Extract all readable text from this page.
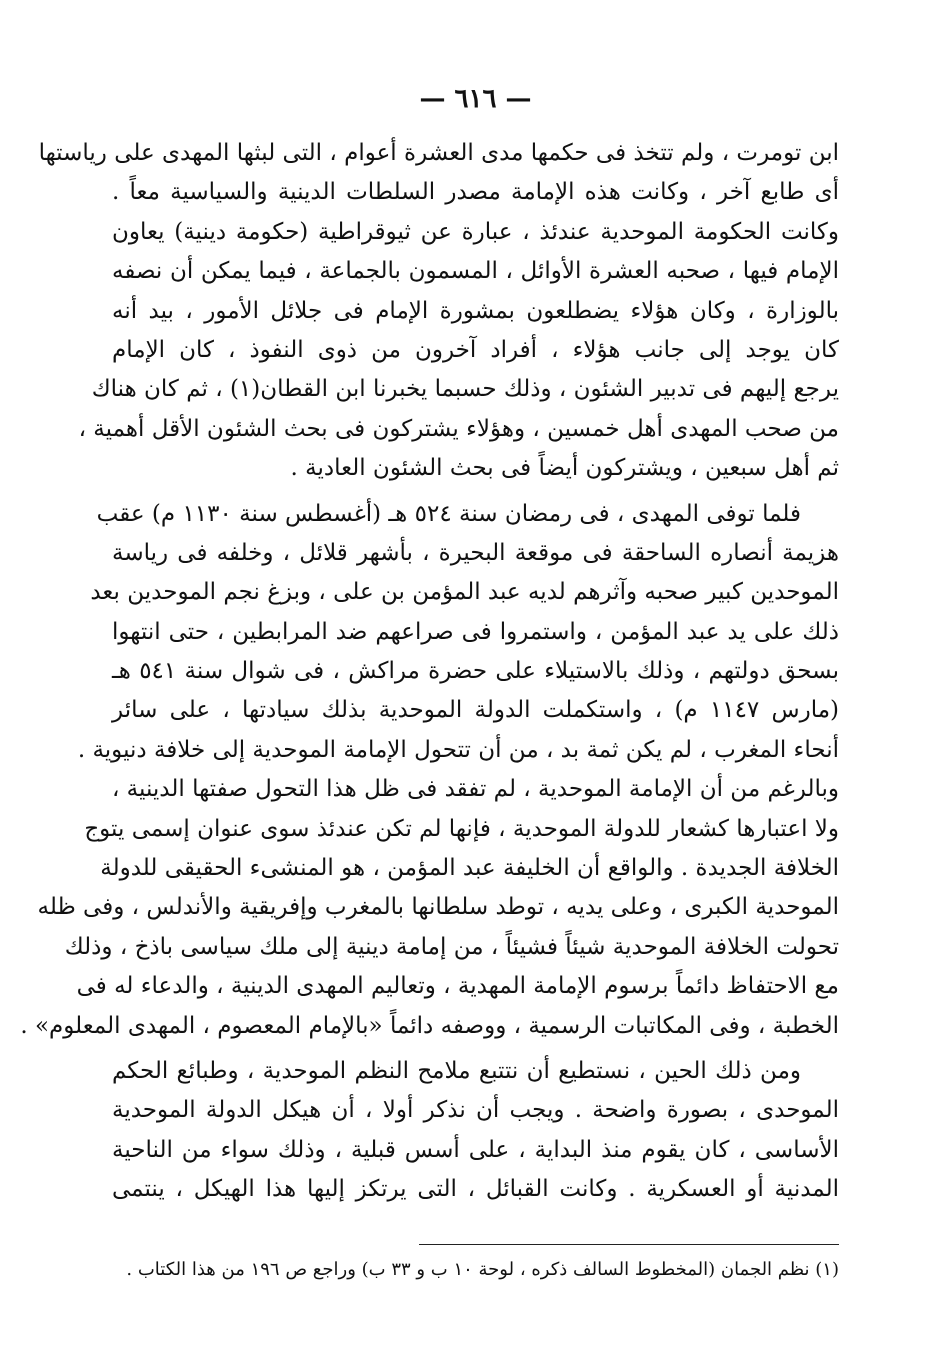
— ٦١٦ —
ابن تومرت ، ولم تتخذ فى حكمها مدى العشرة أعوام ، التى لبثها المهدى على رياستها
أى طابع آخر ، وكانت هذه الإمامة مصدر السلطات الدينية والسياسية معاً .
وكانت الحكومة الموحدية عندئذ ، عبارة عن ثيوقراطية (حكومة دينية) يعاون
الإمام فيها ، صحبه العشرة الأوائل ، المسمون بالجماعة ، فيما يمكن أن نصفه
بالوزارة ، وكان هؤلاء يضطلعون بمشورة الإمام فى جلائل الأمور ، بيد أنه
كان يوجد إلى جانب هؤلاء ، أفراد آخرون من ذوى النفوذ ، كان الإمام
يرجع إليهم فى تدبير الشئون ، وذلك حسبما يخبرنا ابن القطان(١) ، ثم كان هناك
من صحب المهدى أهل خمسين ، وهؤلاء يشتركون فى بحث الشئون الأقل أهمية ،
ثم أهل سبعين ، ويشتركون أيضاً فى بحث الشئون العادية .
فلما توفى المهدى ، فى رمضان سنة ٥٢٤ هـ (أغسطس سنة ١١٣٠ م) عقب
هزيمة أنصاره الساحقة فى موقعة البحيرة ، بأشهر قلائل ، وخلفه فى رياسة
الموحدين كبير صحبه وآثرهم لديه عبد المؤمن بن على ، وبزغ نجم الموحدين بعد
ذلك على يد عبد المؤمن ، واستمروا فى صراعهم ضد المرابطين ، حتى انتهوا
بسحق دولتهم ، وذلك بالاستيلاء على حضرة مراكش ، فى شوال سنة ٥٤١ هـ
(مارس ١١٤٧ م) ، واستكملت الدولة الموحدية بذلك سيادتها ، على سائر
أنحاء المغرب ، لم يكن ثمة بد ، من أن تتحول الإمامة الموحدية إلى خلافة دنيوية .
وبالرغم من أن الإمامة الموحدية ، لم تفقد فى ظل هذا التحول صفتها الدينية ،
ولا اعتبارها كشعار للدولة الموحدية ، فإنها لم تكن عندئذ سوى عنوان إسمى يتوج
الخلافة الجديدة . والواقع أن الخليفة عبد المؤمن ، هو المنشىء الحقيقى للدولة
الموحدية الكبرى ، وعلى يديه ، توطد سلطانها بالمغرب وإفريقية والأندلس ، وفى ظله
تحولت الخلافة الموحدية شيئاً فشيئاً ، من إمامة دينية إلى ملك سياسى باذخ ، وذلك
مع الاحتفاظ دائماً برسوم الإمامة المهدية ، وتعاليم المهدى الدينية ، والدعاء له فى
الخطبة ، وفى المكاتبات الرسمية ، ووصفه دائماً «بالإمام المعصوم ، المهدى المعلوم» .
ومن ذلك الحين ، نستطيع أن نتتبع ملامح النظم الموحدية ، وطبائع الحكم
الموحدى ، بصورة واضحة . ويجب أن نذكر أولا ، أن هيكل الدولة الموحدية
الأساسى ، كان يقوم منذ البداية ، على أسس قبلية ، وذلك سواء من الناحية
المدنية أو العسكرية . وكانت القبائل ، التى يرتكز إليها هذا الهيكل ، ينتمى
(١) نظم الجمان (المخطوط السالف ذكره ، لوحة ١٠ ب و ٣٣ ب) وراجع ص ١٩٦ من هذا الكتاب .
